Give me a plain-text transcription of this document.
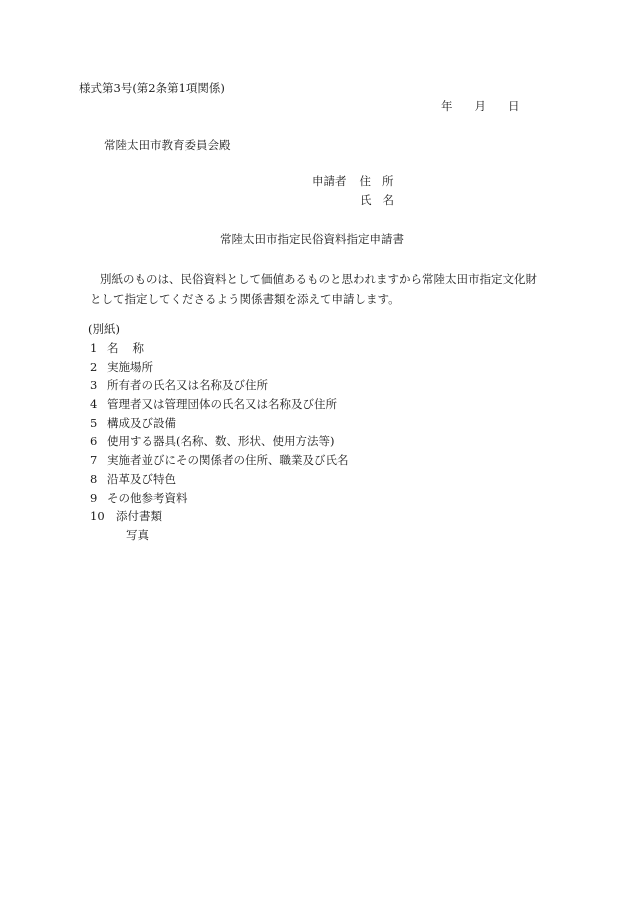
様式第3号(第2条第1項関係)
年 月 日
常陸太田市教育委員会殿
申請者 住 所
氏 名
常陸太田市指定民俗資料指定申請書
別紙のものは、民俗資料として価値あるものと思われますから常陸太田市指定文化財
として指定してくださるよう関係書類を添えて申請します。
(別紙)
1 名 称
2 実施場所
3 所有者の氏名又は名称及び住所
4 管理者又は管理団体の氏名又は名称及び住所
5 構成及び設備
6 使用する器具(名称、数、形状、使用方法等)
7 実施者並びにその関係者の住所、職業及び氏名
8 沿革及び特色
9 その他参考資料
10 添付書類
写真
